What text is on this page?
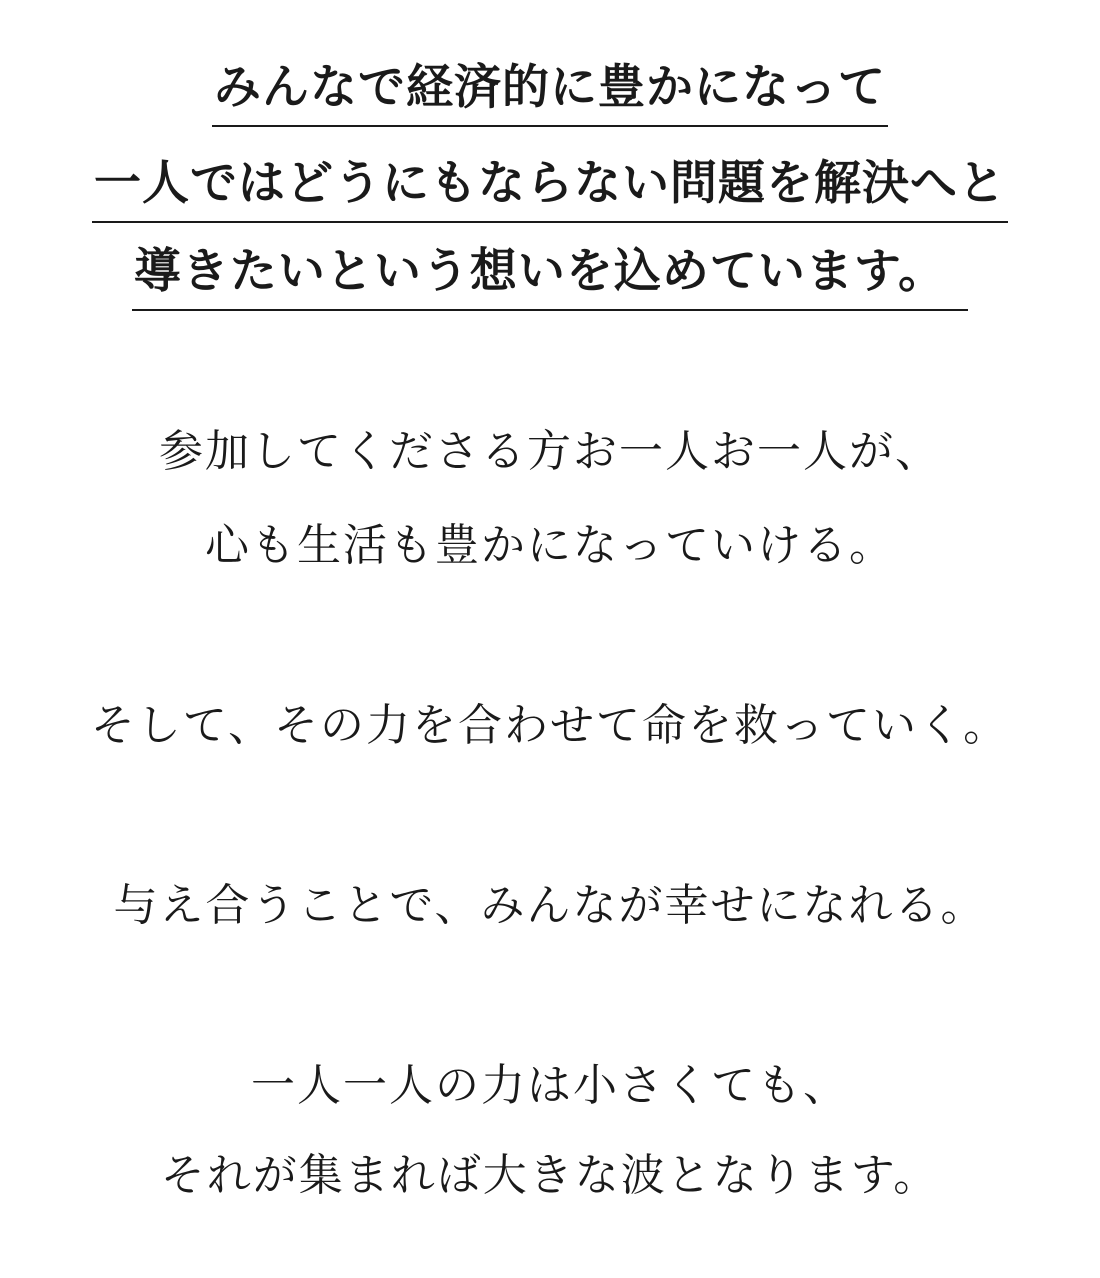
みんなで経済的に豊かになって
一人ではどうにもならない問題を解決へと
導きたいという想いを込めています。
参加してくださる方お一人お一人が、
心も生活も豊かになっていける。
そして、その力を合わせて命を救っていく。
与え合うことで、みんなが幸せになれる。
一人一人の力は小さくても、
それが集まれば大きな波となります。
